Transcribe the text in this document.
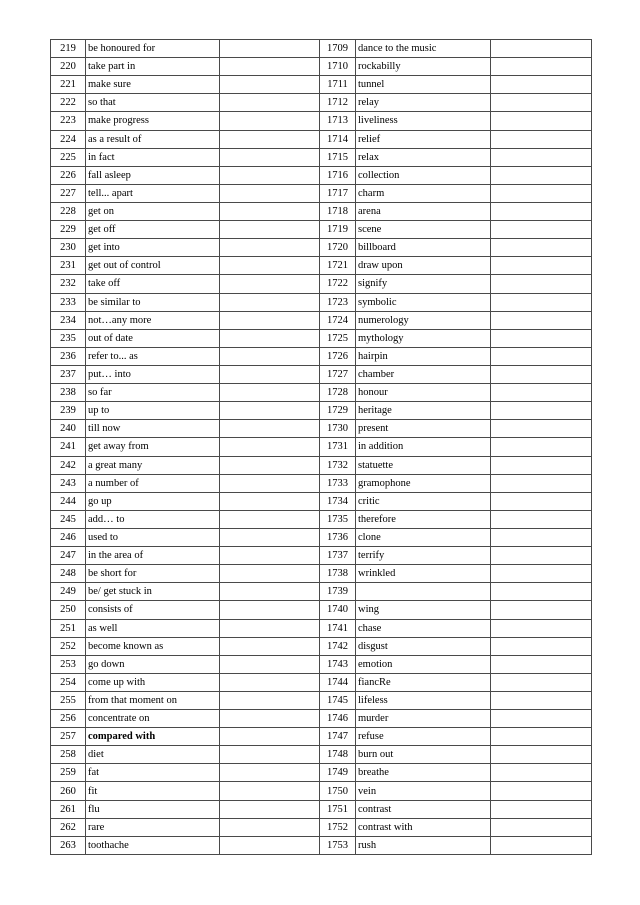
219	be honoured for		1709	dance to the music	
220	take part in		1710	rockabilly	
221	make sure		1711	tunnel	
222	so that		1712	relay	
223	make progress		1713	liveliness	
224	as a result of		1714	relief	
225	in fact		1715	relax	
226	fall asleep		1716	collection	
227	tell... apart		1717	charm	
228	get on		1718	arena	
229	get off		1719	scene	
230	get into		1720	billboard	
231	get out of control		1721	draw upon	
232	take off		1722	signify	
233	be similar to		1723	symbolic	
234	not…any more		1724	numerology	
235	out of date		1725	mythology	
236	refer to... as		1726	hairpin	
237	put… into		1727	chamber	
238	so far		1728	honour	
239	up to		1729	heritage	
240	till now		1730	present	
241	get away from		1731	in addition	
242	a great many		1732	statuette	
243	a number of		1733	gramophone	
244	go up		1734	critic	
245	add… to		1735	therefore	
246	used to		1736	clone	
247	in the area of		1737	terrify	
248	be short for		1738	wrinkled	
249	be/ get stuck in		1739		
250	consists of		1740	wing	
251	as well		1741	chase	
252	become known as		1742	disgust	
253	go down		1743	emotion	
254	come up with		1744	fiancRe	
255	from that moment on		1745	lifeless	
256	concentrate on		1746	murder	
257	compared with		1747	refuse	
258	diet		1748	burn out	
259	fat		1749	breathe	
260	fit		1750	vein	
261	flu		1751	contrast	
262	rare		1752	contrast with	
263	toothache		1753	rush	
